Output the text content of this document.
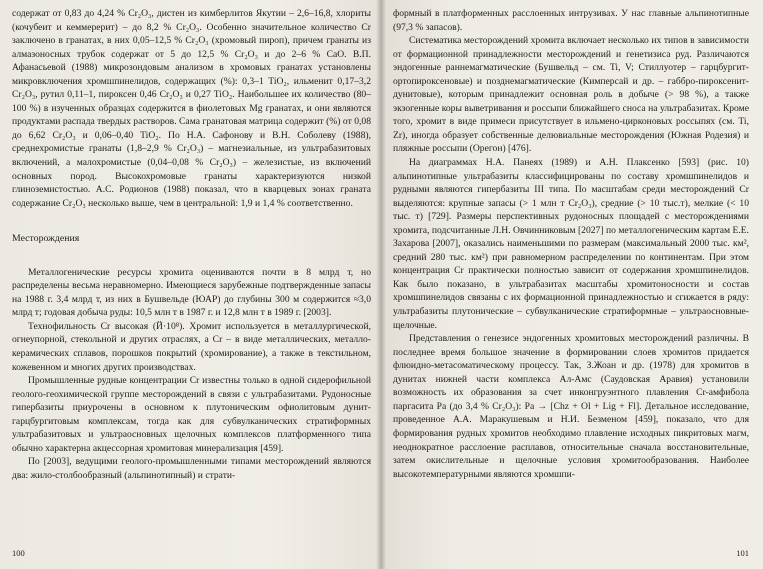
содержат от 0,83 до 4,24 % Cr₂O₃, дистен из кимберлитов Якутии – 2,6–16,8, хлориты (кочубеит и кеммерерит) – до 8,2 % Cr₂O₃. Особенно значительное количество Cr заключено в гранатах, в них 0,05–12,5 % Cr₂O₃ (хромовый пироп), причем гранаты из алмазоносных трубок содержат от 5 до 12,5 % Cr₂O₃ и до 2–6 % CaO. В.П. Афанасьевой (1988) микрозондовым анализом в хромовых гранатах установлены микровключения хромшпинелидов, содержащих (%): 0,3–1 TiO₂, ильменит 0,17–3,2 Cr₂O₃, рутил 0,11–1, пироксен 0,46 Cr₂O₃ и 0,27 TiO₂. Наибольшее их количество (80–100 %) в изученных образцах содержится в фиолетовых Mg гранатах, и они являются продуктами распада твердых растворов. Сама гранатовая матрица содержит (%) от 0,08 до 6,62 Cr₂O₃ и 0,06–0,40 TiO₂. По Н.А. Сафонову и В.Н. Соболеву (1988), среднехромистые гранаты (1,8–2,9 % Cr₂O₃) – магнезиальные, из ультрабазитовых включений, а малохромистые (0,04–0,08 % Cr₂O₃) – железистые, из включений основных пород. Высокохромовые гранаты характеризуются низкой глиноземистостью. А.С. Родионов (1988) показал, что в кварцевых зонах граната содержание Cr₂O₃ несколько выше, чем в центральной: 1,9 и 1,4 % соответственно.

Месторождения

Металлогенические ресурсы хромита оцениваются почти в 8 млрд т, но распределены весьма неравномерно. Имеющиеся зарубежные подтвержденные запасы на 1988 г. 3,4 млрд т, из них в Бушвельде (ЮАР) до глубины 300 м содержится ≈3,0 млрд т; годовая добыча руды: 10,5 млн т в 1987 г. и 12,8 млн т в 1989 г. [2003].

Технофильность Cr высокая (Й·10⁸). Хромит используется в металлургической, огнеупорной, стекольной и других отраслях, а Cr – в виде металлических, металло-керамических сплавов, порошков покрытий (хромирование), а также в текстильном, кожевенном и многих других производствах.

Промышленные рудные концентрации Cr известны только в одной сидерофильной геолого-геохимической группе месторождений в связи с ультрабазитами. Рудоносные гипербазиты приурочены в основном к плутоническим офиолитовым дунит-гарцбургитовым комплексам, тогда как для субвулканических стратиформных ультрабазитовых и ультраосновных щелочных комплексов платформенного типа обычно характерна акцессорная хромитовая минерализация [459].

По [2003], ведущими геолого-промышленными типами месторождений являются два: жило-столбообразный (альпинотипный) и страти-

100

формный в платформенных расслоенных интрузивах. У нас главные альпинотипные (97,3 % запасов).

Систематика месторождений хромита включает несколько их типов в зависимости от формационной принадлежности месторождений и генетизиса руд. Различаются эндогенные раннемагматические (Бушвельд – см. Ti, V; Стиллуотер – гарцбургит-ортопироксеновые) и позднемагматические (Кимперсай и др. – габбро-пироксенит-дунитовые), которым принадлежит основная роль в добыче (> 98 %), а также экзогенные коры выветривания и россыпи ближайшего сноса на ультрабазитах. Кроме того, хромит в виде примеси присутствует в ильмено-цирконовых россыпях (см. Ti, Zr), иногда образует собственные делювиальные месторождения (Южная Родезия) и пляжные россыпи (Орегон) [476].

На диаграммах Н.А. Панеях (1989) и А.Н. Плаксенко [593] (рис. 10) альпинотипные ультрабазиты классифицированы по составу хромшпинелидов и рудными являются гипербазиты III типа. По масштабам среди месторождений Cr выделяются: крупные запасы (> 1 млн т Cr₂O₃), средние (> 10 тыс.т), мелкие (< 10 тыс. т) [729]. Размеры перспективных рудоносных площадей с месторождениями хромита, подсчитанные Л.Н. Овчинниковым [2027] по металлогеническим картам Е.Е. Захарова [2007], оказались наименьшими по размерам (максимальный 2000 тыс. км², средний 280 тыс. км²) при равномерном распределении по континентам. При этом концентрация Cr практически полностью зависит от содержания хромшпинелидов. Как было показано, в ультрабазитах масштабы хромитоносности и состав хромшпинелидов связаны с их формационной принадлежностью и сгижается в ряду: ультрабазиты плутонические – субвулканические стратиформные – ультраосновные-щелочные.

Представления о генезисе эндогенных хромитовых месторождений различны. В последнее время большое значение в формировании слоев хромитов придается флюидно-метасоматическому процессу. Так, З.Жоан и др. (1978) для хромитов в дунитах нижней части комплекса Ал-Амс (Саудовская Аравия) установили возможность их образования за счет инконгруэнтного плавления Cr-амфибола паргасита Pa (до 3,4 % Cr₂O₃): Pa → [Chz + Ol + Lig + Fl]. Детальное исследование, проведенное А.А. Маракушевым и Н.И. Безменом [459], показало, что для формирования рудных хромитов необходимо плавление исходных пикритовых магм, неоднократное расслоение расплавов, относительные сначала восстановительные, затем окислительные и щелочные условия хромитообразования. Наиболее высокотемпературными являются хромшпи-

101
